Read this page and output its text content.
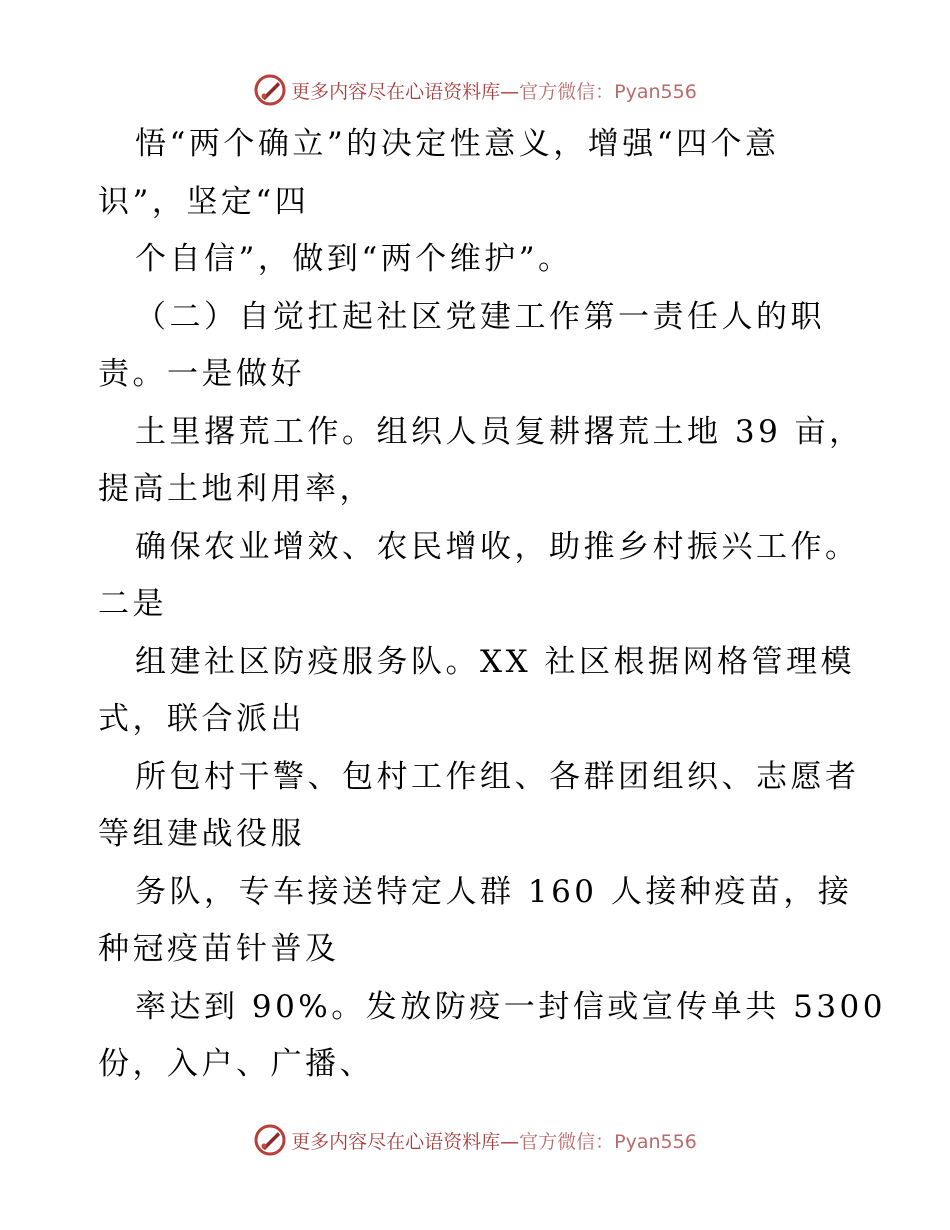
更多内容尽在心语资料库—官方微信：Pyan556
悟“两个确立”的决定性意义，增强“四个意
识”，坚定“四
个自信”，做到“两个维护”。
（二）自觉扛起社区党建工作第一责任人的职
责。一是做好
土里撂荒工作。组织人员复耕撂荒土地 39 亩，
提高土地利用率，
确保农业增效、农民增收，助推乡村振兴工作。
二是
组建社区防疫服务队。XX 社区根据网格管理模
式，联合派出
所包村干警、包村工作组、各群团组织、志愿者
等组建战役服
务队，专车接送特定人群 160 人接种疫苗，接
种冠疫苗针普及
率达到 90%。发放防疫一封信或宣传单共 5300
份，入户、广播、
更多内容尽在心语资料库—官方微信：Pyan556
